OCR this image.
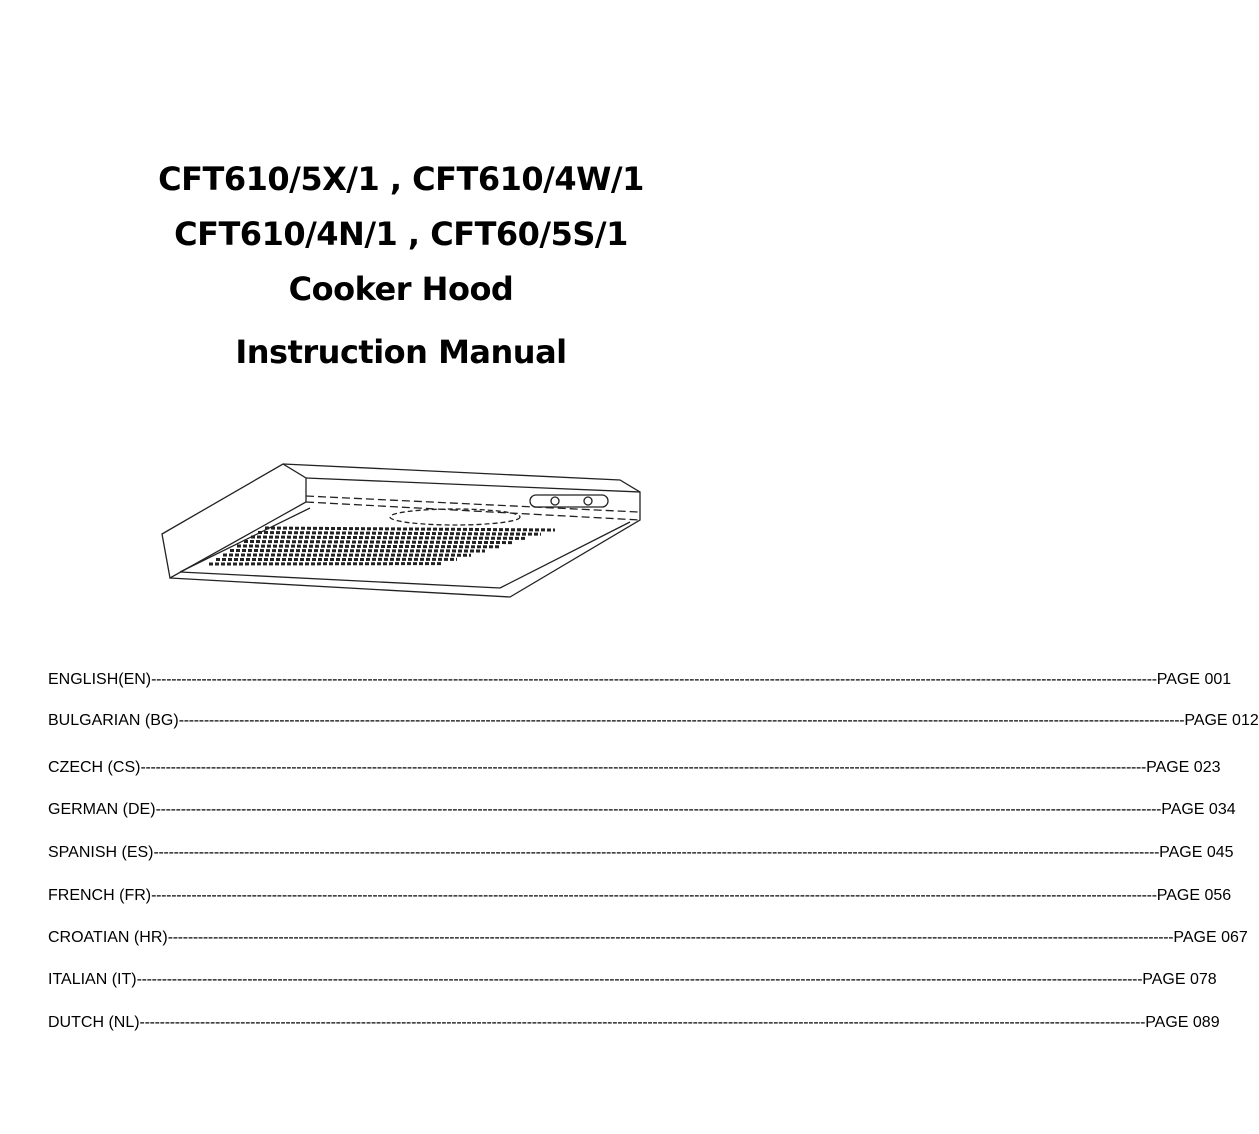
CFT610/5X/1 , CFT610/4W/1
CFT610/4N/1 , CFT60/5S/1
Cooker Hood
Instruction Manual
ENGLISH(EN) -------------------------------------------------------------------------------------------------------------------------------------------------------------------------------------------------------- PAGE 001
BULGARIAN (BG) -------------------------------------------------------------------------------------------------------------------------------------------------------------------------------------------------------- PAGE 012
CZECH (CS) -------------------------------------------------------------------------------------------------------------------------------------------------------------------------------------------------------- PAGE 023
GERMAN (DE) -------------------------------------------------------------------------------------------------------------------------------------------------------------------------------------------------------- PAGE 034
SPANISH (ES) -------------------------------------------------------------------------------------------------------------------------------------------------------------------------------------------------------- PAGE 045
FRENCH (FR) -------------------------------------------------------------------------------------------------------------------------------------------------------------------------------------------------------- PAGE 056
CROATIAN (HR) -------------------------------------------------------------------------------------------------------------------------------------------------------------------------------------------------------- PAGE 067
ITALIAN (IT) -------------------------------------------------------------------------------------------------------------------------------------------------------------------------------------------------------- PAGE 078
DUTCH (NL) -------------------------------------------------------------------------------------------------------------------------------------------------------------------------------------------------------- PAGE 089
